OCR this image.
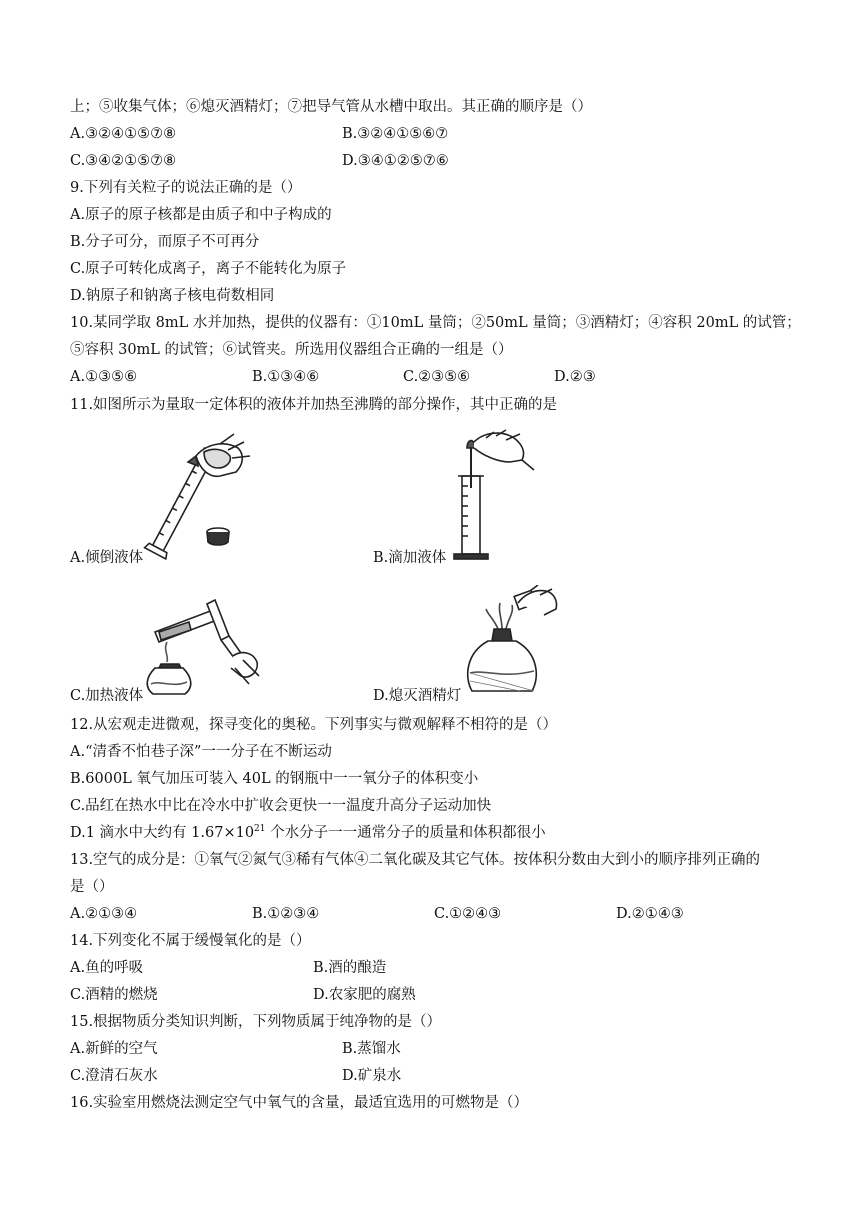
上；⑤收集气体；⑥熄灭酒精灯；⑦把导气管从水槽中取出。其正确的顺序是（）
A.③②④①⑤⑦⑧	B.③②④①⑤⑥⑦
C.③④②①⑤⑦⑧	D.③④①②⑤⑦⑥
9.下列有关粒子的说法正确的是（）
A.原子的原子核都是由质子和中子构成的
B.分子可分，而原子不可再分
C.原子可转化成离子，离子不能转化为原子
D.钠原子和钠离子核电荷数相同
10.某同学取 8mL 水并加热，提供的仪器有：①10mL 量筒；②50mL 量筒；③酒精灯；④容积 20mL 的试管；
⑤容积 30mL 的试管；⑥试管夹。所选用仪器组合正确的一组是（）
A.①③⑤⑥	B.①③④⑥	C.②③⑤⑥	D.②③
11.如图所示为量取一定体积的液体并加热至沸腾的部分操作，其中正确的是
A.倾倒液体	B.滴加液体
C.加热液体	D.熄灭酒精灯
12.从宏观走进微观，探寻变化的奥秘。下列事实与微观解释不相符的是（）
A.“清香不怕巷子深”一一分子在不断运动
B.6000L 氧气加压可装入 40L 的钢瓶中一一氧分子的体积变小
C.品红在热水中比在冷水中扩收会更快一一温度升高分子运动加快
D.1 滴水中大约有 $1.67\times 10^{21}$ 个水分子一一通常分子的质量和体积都很小
13.空气的成分是：①氧气②氮气③稀有气体④二氧化碳及其它气体。按体积分数由大到小的顺序排列正确的
是（）
A.②①③④	B.①②③④	C.①②④③	D.②①④③
14.下列变化不属于缓慢氧化的是（）
A.鱼的呼吸	B.酒的酿造
C.酒精的燃烧	D.农家肥的腐熟
15.根据物质分类知识判断，下列物质属于纯净物的是（）
A.新鲜的空气	B.蒸馏水
C.澄清石灰水	D.矿泉水
16.实验室用燃烧法测定空气中氧气的含量，最适宜选用的可燃物是（）
